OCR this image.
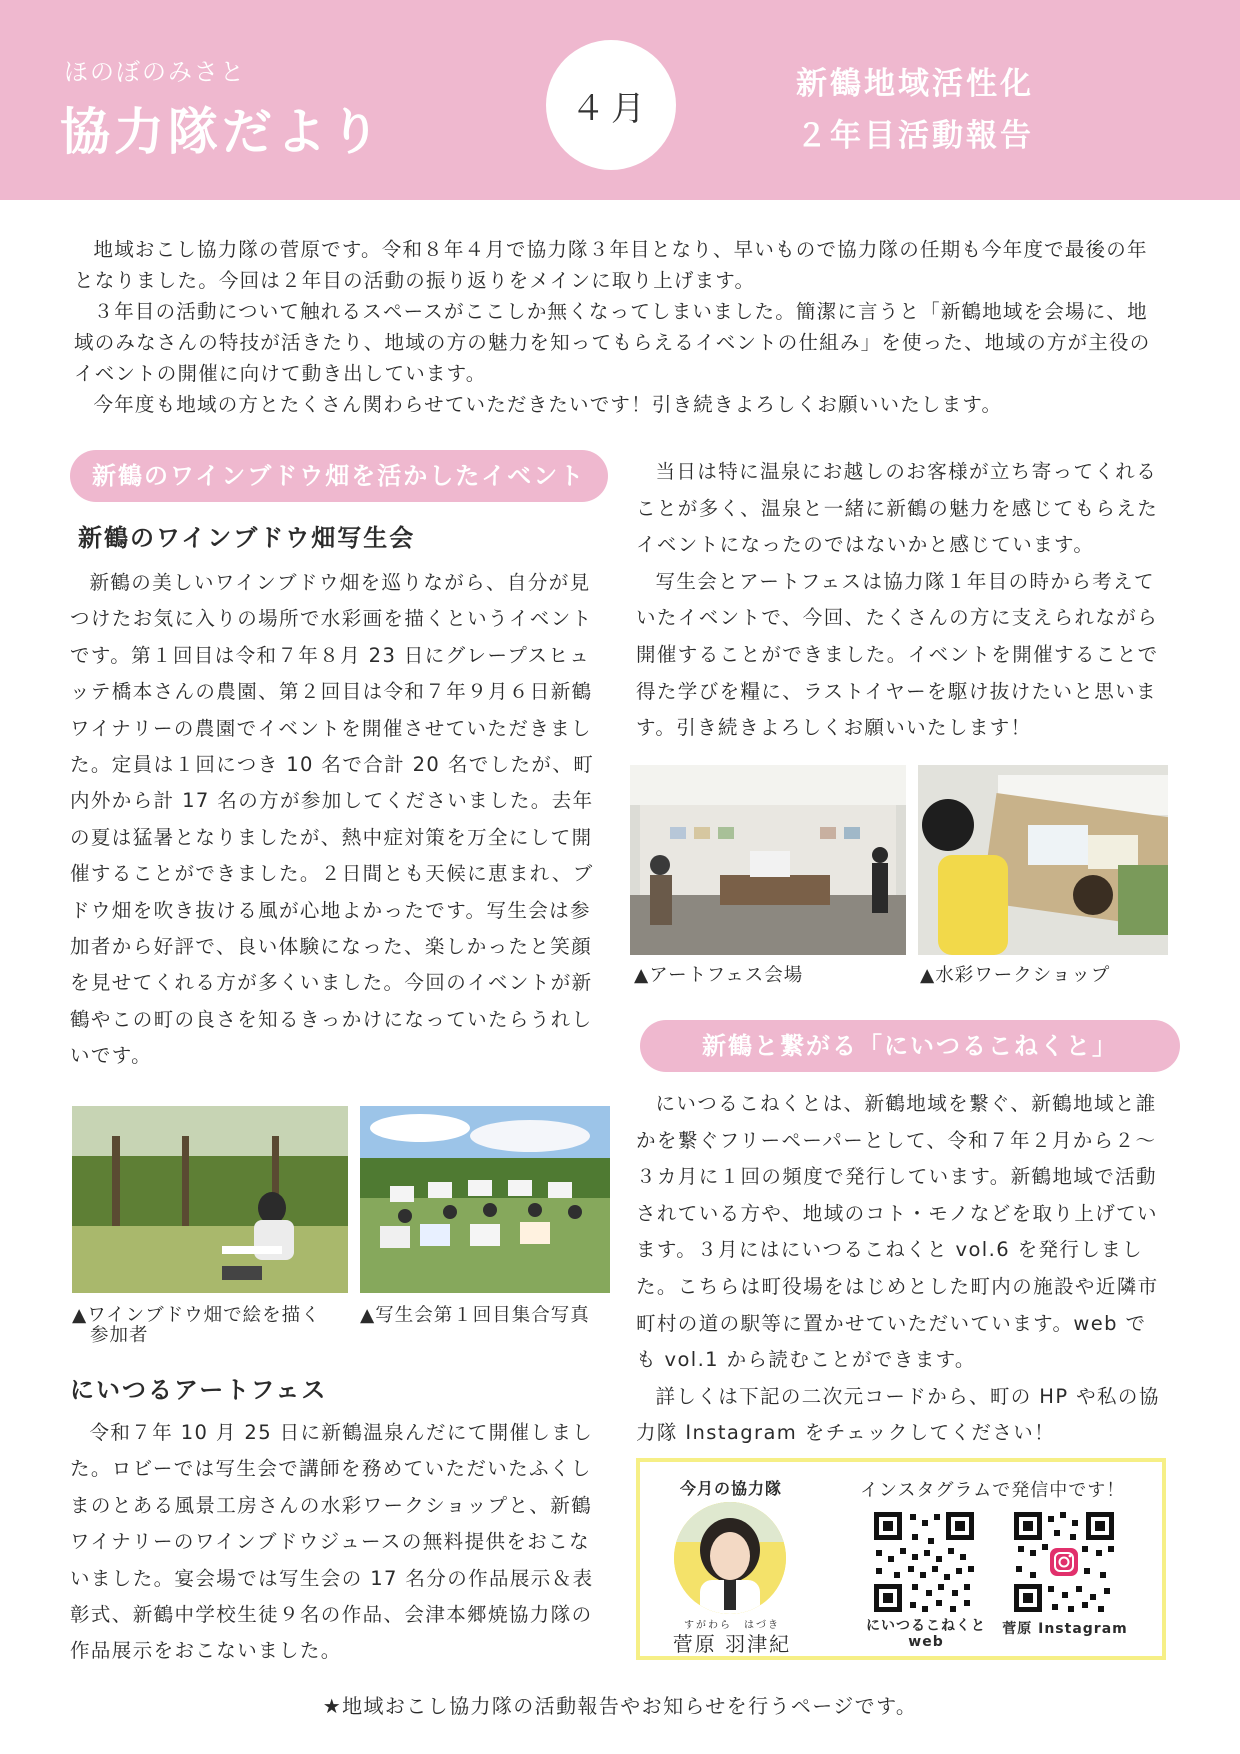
ほのぼのみさと
協力隊だより	４月
新鶴地域活性化
２年目活動報告

地域おこし協力隊の菅原です。令和８年４月で協力隊３年目となり、早いもので協力隊の任期も今年度で最後の年となりました。今回は２年目の活動の振り返りをメインに取り上げます。

３年目の活動について触れるスペースがここしか無くなってしまいました。簡潔に言うと「新鶴地域を会場に、地域のみなさんの特技が活きたり、地域の方の魅力を知ってもらえるイベントの仕組み」を使った、地域の方が主役のイベントの開催に向けて動き出しています。

今年度も地域の方とたくさん関わらせていただきたいです！引き続きよろしくお願いいたします。

新鶴のワインブドウ畑を活かしたイベント
新鶴のワインブドウ畑写生会

新鶴の美しいワインブドウ畑を巡りながら、自分が見つけたお気に入りの場所で水彩画を描くというイベントです。第１回目は令和７年８月 23 日にグレープスヒュッテ橋本さんの農園、第２回目は令和７年９月６日新鶴ワイナリーの農園でイベントを開催させていただきました。定員は１回につき 10 名で合計 20 名でしたが、町内外から計 17 名の方が参加してくださいました。去年の夏は猛暑となりましたが、熱中症対策を万全にして開催することができました。２日間とも天候に恵まれ、ブドウ畑を吹き抜ける風が心地よかったです。写生会は参加者から好評で、良い体験になった、楽しかったと笑顔を見せてくれる方が多くいました。今回のイベントが新鶴やこの町の良さを知るきっかけになっていたらうれしいです。

▲ワインブドウ畑で絵を描く
参加者
▲写生会第１回目集合写真
にいつるアートフェス

令和７年 10 月 25 日に新鶴温泉んだにて開催しました。ロビーでは写生会で講師を務めていただいたふくしまのとある風景工房さんの水彩ワークショップと、新鶴ワイナリーのワインブドウジュースの無料提供をおこないました。宴会場では写生会の 17 名分の作品展示＆表彰式、新鶴中学校生徒９名の作品、会津本郷焼協力隊の作品展示をおこないました。

当日は特に温泉にお越しのお客様が立ち寄ってくれることが多く、温泉と一緒に新鶴の魅力を感じてもらえたイベントになったのではないかと感じています。

写生会とアートフェスは協力隊１年目の時から考えていたイベントで、今回、たくさんの方に支えられながら開催することができました。イベントを開催することで得た学びを糧に、ラストイヤーを駆け抜けたいと思います。引き続きよろしくお願いいたします！

▲アートフェス会場	▲水彩ワークショップ
新鶴と繋がる「にいつるこねくと」

にいつるこねくとは、新鶴地域を繋ぐ、新鶴地域と誰かを繋ぐフリーペーパーとして、令和７年２月から２～３カ月に１回の頻度で発行しています。新鶴地域で活動されている方や、地域のコト・モノなどを取り上げています。３月にはにいつるこねくと vol.6 を発行しました。こちらは町役場をはじめとした町内の施設や近隣市町村の道の駅等に置かせていただいています。web でも vol.1 から読むことができます。

詳しくは下記の二次元コードから、町の HP や私の協力隊 Instagram をチェックしてください！

今月の協力隊
すがわら　はづき
菅原 羽津紀
インスタグラムで発信中です！
にいつるこねくと
web
菅原 Instagram
★地域おこし協力隊の活動報告やお知らせを行うページです。
